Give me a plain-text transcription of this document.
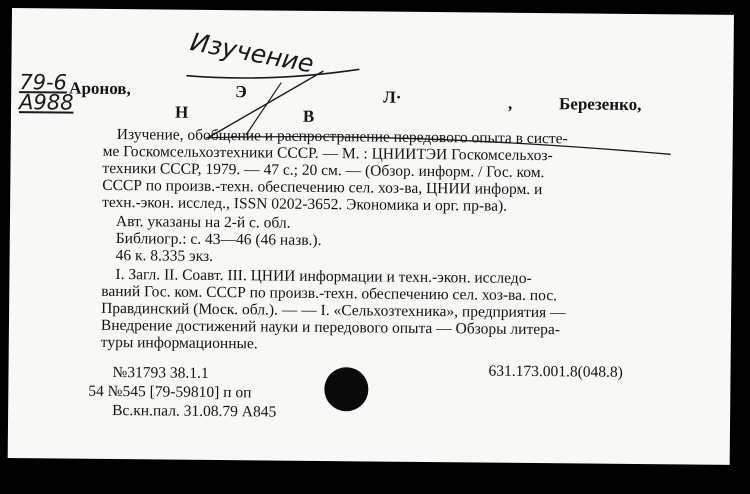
Изучение
79-6
А988
Аронов,	Э	Л·	,	Березенко,
Н	В
Изучение, обобщение и распространение передового опыта в систе-
ме Госкомсельхозтехники СССР. — М. : ЦНИИТЭИ Госкомсельхоз-
техники СССР, 1979. — 47 с.; 20 см. — (Обзор. информ. / Гос. ком.
СССР по произв.-техн. обеспечению сел. хоз-ва, ЦНИИ информ. и
техн.-экон. исслед., ISSN 0202-3652. Экономика и орг. пр-ва).
Авт. указаны на 2-й с. обл.
Библиогр.: с. 43—46 (46 назв.).
46 к. 8.335 экз.
I. Загл. II. Соавт. III. ЦНИИ информации и техн.-экон. исследо-
ваний Гос. ком. СССР по произв.-техн. обеспечению сел. хоз-ва. пос.
Правдинский (Моск. обл.). — — I. «Сельхозтехника», предприятия —
Внедрение достижений науки и передового опыта — Обзоры литера-
туры информационные.
№31793 38.1.1	631.173.001.8(048.8)
54 №545 [79-59810] п оп
Вс.кн.пал. 31.08.79 А845
